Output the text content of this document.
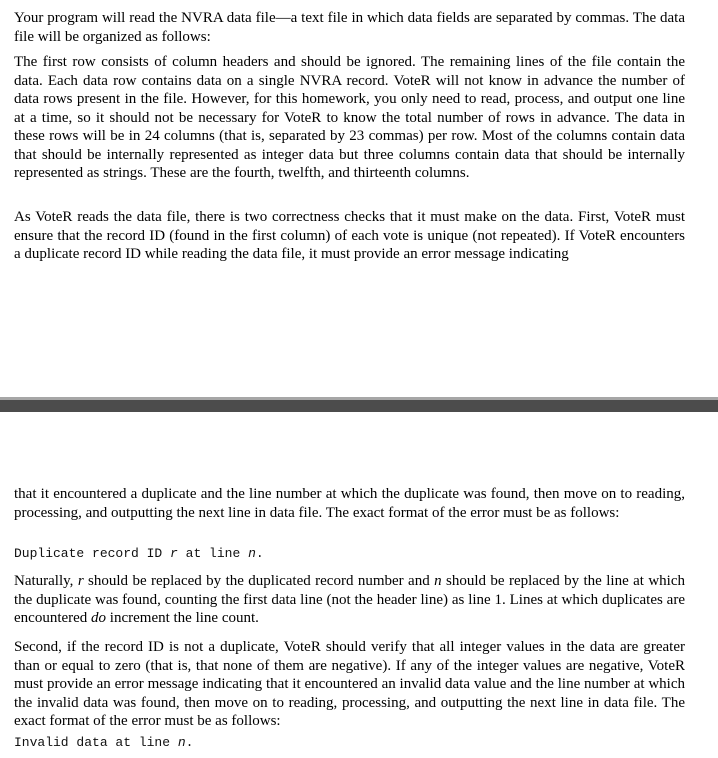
Your program will read the NVRA data file—a text file in which data fields are separated by commas. The data file will be organized as follows:

The first row consists of column headers and should be ignored. The remaining lines of the file contain the data. Each data row contains data on a single NVRA record. VoteR will not know in advance the number of data rows present in the file. However, for this homework, you only need to read, process, and output one line at a time, so it should not be necessary for VoteR to know the total number of rows in advance. The data in these rows will be in 24 columns (that is, separated by 23 commas) per row. Most of the columns contain data that should be internally represented as integer data but three columns contain data that should be internally represented as strings. These are the fourth, twelfth, and thirteenth columns.

As VoteR reads the data file, there is two correctness checks that it must make on the data. First, VoteR must ensure that the record ID (found in the first column) of each vote is unique (not repeated). If VoteR encounters a duplicate record ID while reading the data file, it must provide an error message indicating

that it encountered a duplicate and the line number at which the duplicate was found, then move on to reading, processing, and outputting the next line in data file. The exact format of the error must be as follows:

Duplicate record ID r at line n.

Naturally, r should be replaced by the duplicated record number and n should be replaced by the line at which the duplicate was found, counting the first data line (not the header line) as line 1. Lines at which duplicates are encountered do increment the line count.

Second, if the record ID is not a duplicate, VoteR should verify that all integer values in the data are greater than or equal to zero (that is, that none of them are negative). If any of the integer values are negative, VoteR must provide an error message indicating that it encountered an invalid data value and the line number at which the invalid data was found, then move on to reading, processing, and outputting the next line in data file. The exact format of the error must be as follows:

Invalid data at line n.
